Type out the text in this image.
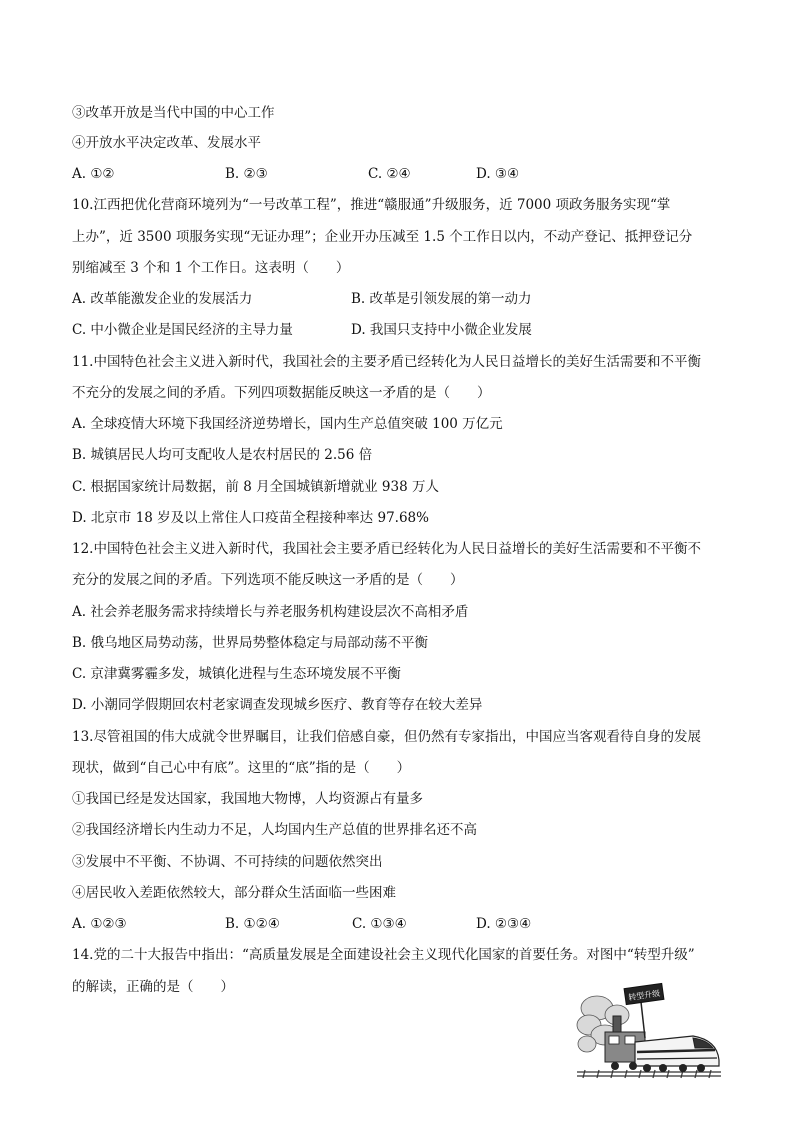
③改革开放是当代中国的中心工作
④开放水平决定改革、发展水平
A. ①②	B. ②③	C. ②④	D. ③④
10.江西把优化营商环境列为“一号改革工程”，推进“赣服通”升级服务，近 7000 项政务服务实现“掌
上办”，近 3500 项服务实现“无证办理”；企业开办压减至 1.5 个工作日以内，不动产登记、抵押登记分
别缩减至 3 个和 1 个工作日。这表明（　　）
A. 改革能激发企业的发展活力	B. 改革是引领发展的第一动力
C. 中小微企业是国民经济的主导力量	D. 我国只支持中小微企业发展
11.中国特色社会主义进入新时代，我国社会的主要矛盾已经转化为人民日益增长的美好生活需要和不平衡
不充分的发展之间的矛盾。下列四项数据能反映这一矛盾的是（　　）
A. 全球疫情大环境下我国经济逆势增长，国内生产总值突破 100 万亿元
B. 城镇居民人均可支配收人是农村居民的 2.56 倍
C. 根据国家统计局数据，前 8 月全国城镇新增就业 938 万人
D. 北京市 18 岁及以上常住人口疫苗全程接种率达 97.68%
12.中国特色社会主义进入新时代，我国社会主要矛盾已经转化为人民日益增长的美好生活需要和不平衡不
充分的发展之间的矛盾。下列选项不能反映这一矛盾的是（　　）
A. 社会养老服务需求持续增长与养老服务机构建设层次不高相矛盾
B. 俄乌地区局势动荡，世界局势整体稳定与局部动荡不平衡
C. 京津冀雾霾多发，城镇化进程与生态环境发展不平衡
D. 小潮同学假期回农村老家调查发现城乡医疗、教育等存在较大差异
13.尽管祖国的伟大成就令世界瞩目，让我们倍感自豪，但仍然有专家指出，中国应当客观看待自身的发展
现状，做到“自己心中有底”。这里的“底”指的是（　　）
①我国已经是发达国家，我国地大物博，人均资源占有量多
②我国经济增长内生动力不足，人均国内生产总值的世界排名还不高
③发展中不平衡、不协调、不可持续的问题依然突出
④居民收入差距依然较大，部分群众生活面临一些困难
A. ①②③	B. ①②④	C. ①③④	D. ②③④
14.党的二十大报告中指出：“高质量发展是全面建设社会主义现代化国家的首要任务。对图中“转型升级”
的解读，正确的是（　　）
转型升级
